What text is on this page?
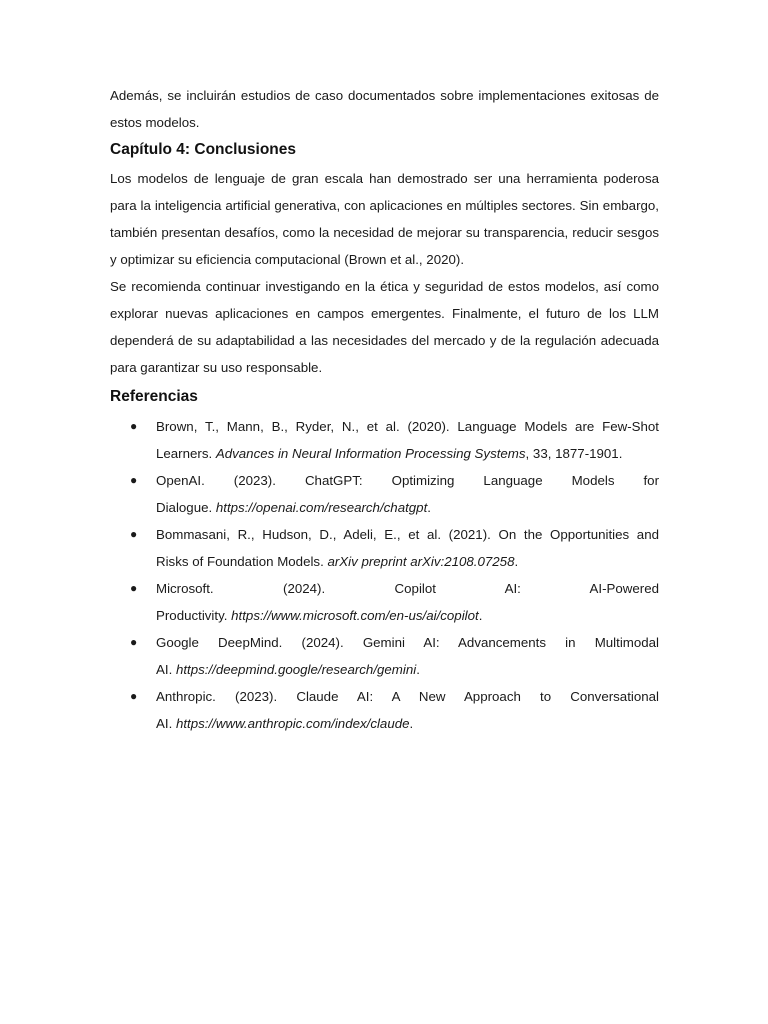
Además, se incluirán estudios de caso documentados sobre implementaciones exitosas de estos modelos.

Capítulo 4: Conclusiones

Los modelos de lenguaje de gran escala han demostrado ser una herramienta poderosa para la inteligencia artificial generativa, con aplicaciones en múltiples sectores. Sin embargo, también presentan desafíos, como la necesidad de mejorar su transparencia, reducir sesgos y optimizar su eficiencia computacional (Brown et al., 2020).

Se recomienda continuar investigando en la ética y seguridad de estos modelos, así como explorar nuevas aplicaciones en campos emergentes. Finalmente, el futuro de los LLM dependerá de su adaptabilidad a las necesidades del mercado y de la regulación adecuada para garantizar su uso responsable.

Referencias
● Brown, T., Mann, B., Ryder, N., et al. (2020). Language Models are Few-Shot
Learners. Advances in Neural Information Processing Systems, 33, 1877-1901.
● OpenAI. (2023). ChatGPT: Optimizing Language Models for
Dialogue. https://openai.com/research/chatgpt.
● Bommasani, R., Hudson, D., Adeli, E., et al. (2021). On the Opportunities and
Risks of Foundation Models. arXiv preprint arXiv:2108.07258.
● Microsoft. (2024). Copilot AI: AI-Powered
Productivity. https://www.microsoft.com/en-us/ai/copilot.
● Google DeepMind. (2024). Gemini AI: Advancements in Multimodal
AI. https://deepmind.google/research/gemini.
● Anthropic. (2023). Claude AI: A New Approach to Conversational
AI. https://www.anthropic.com/index/claude.
